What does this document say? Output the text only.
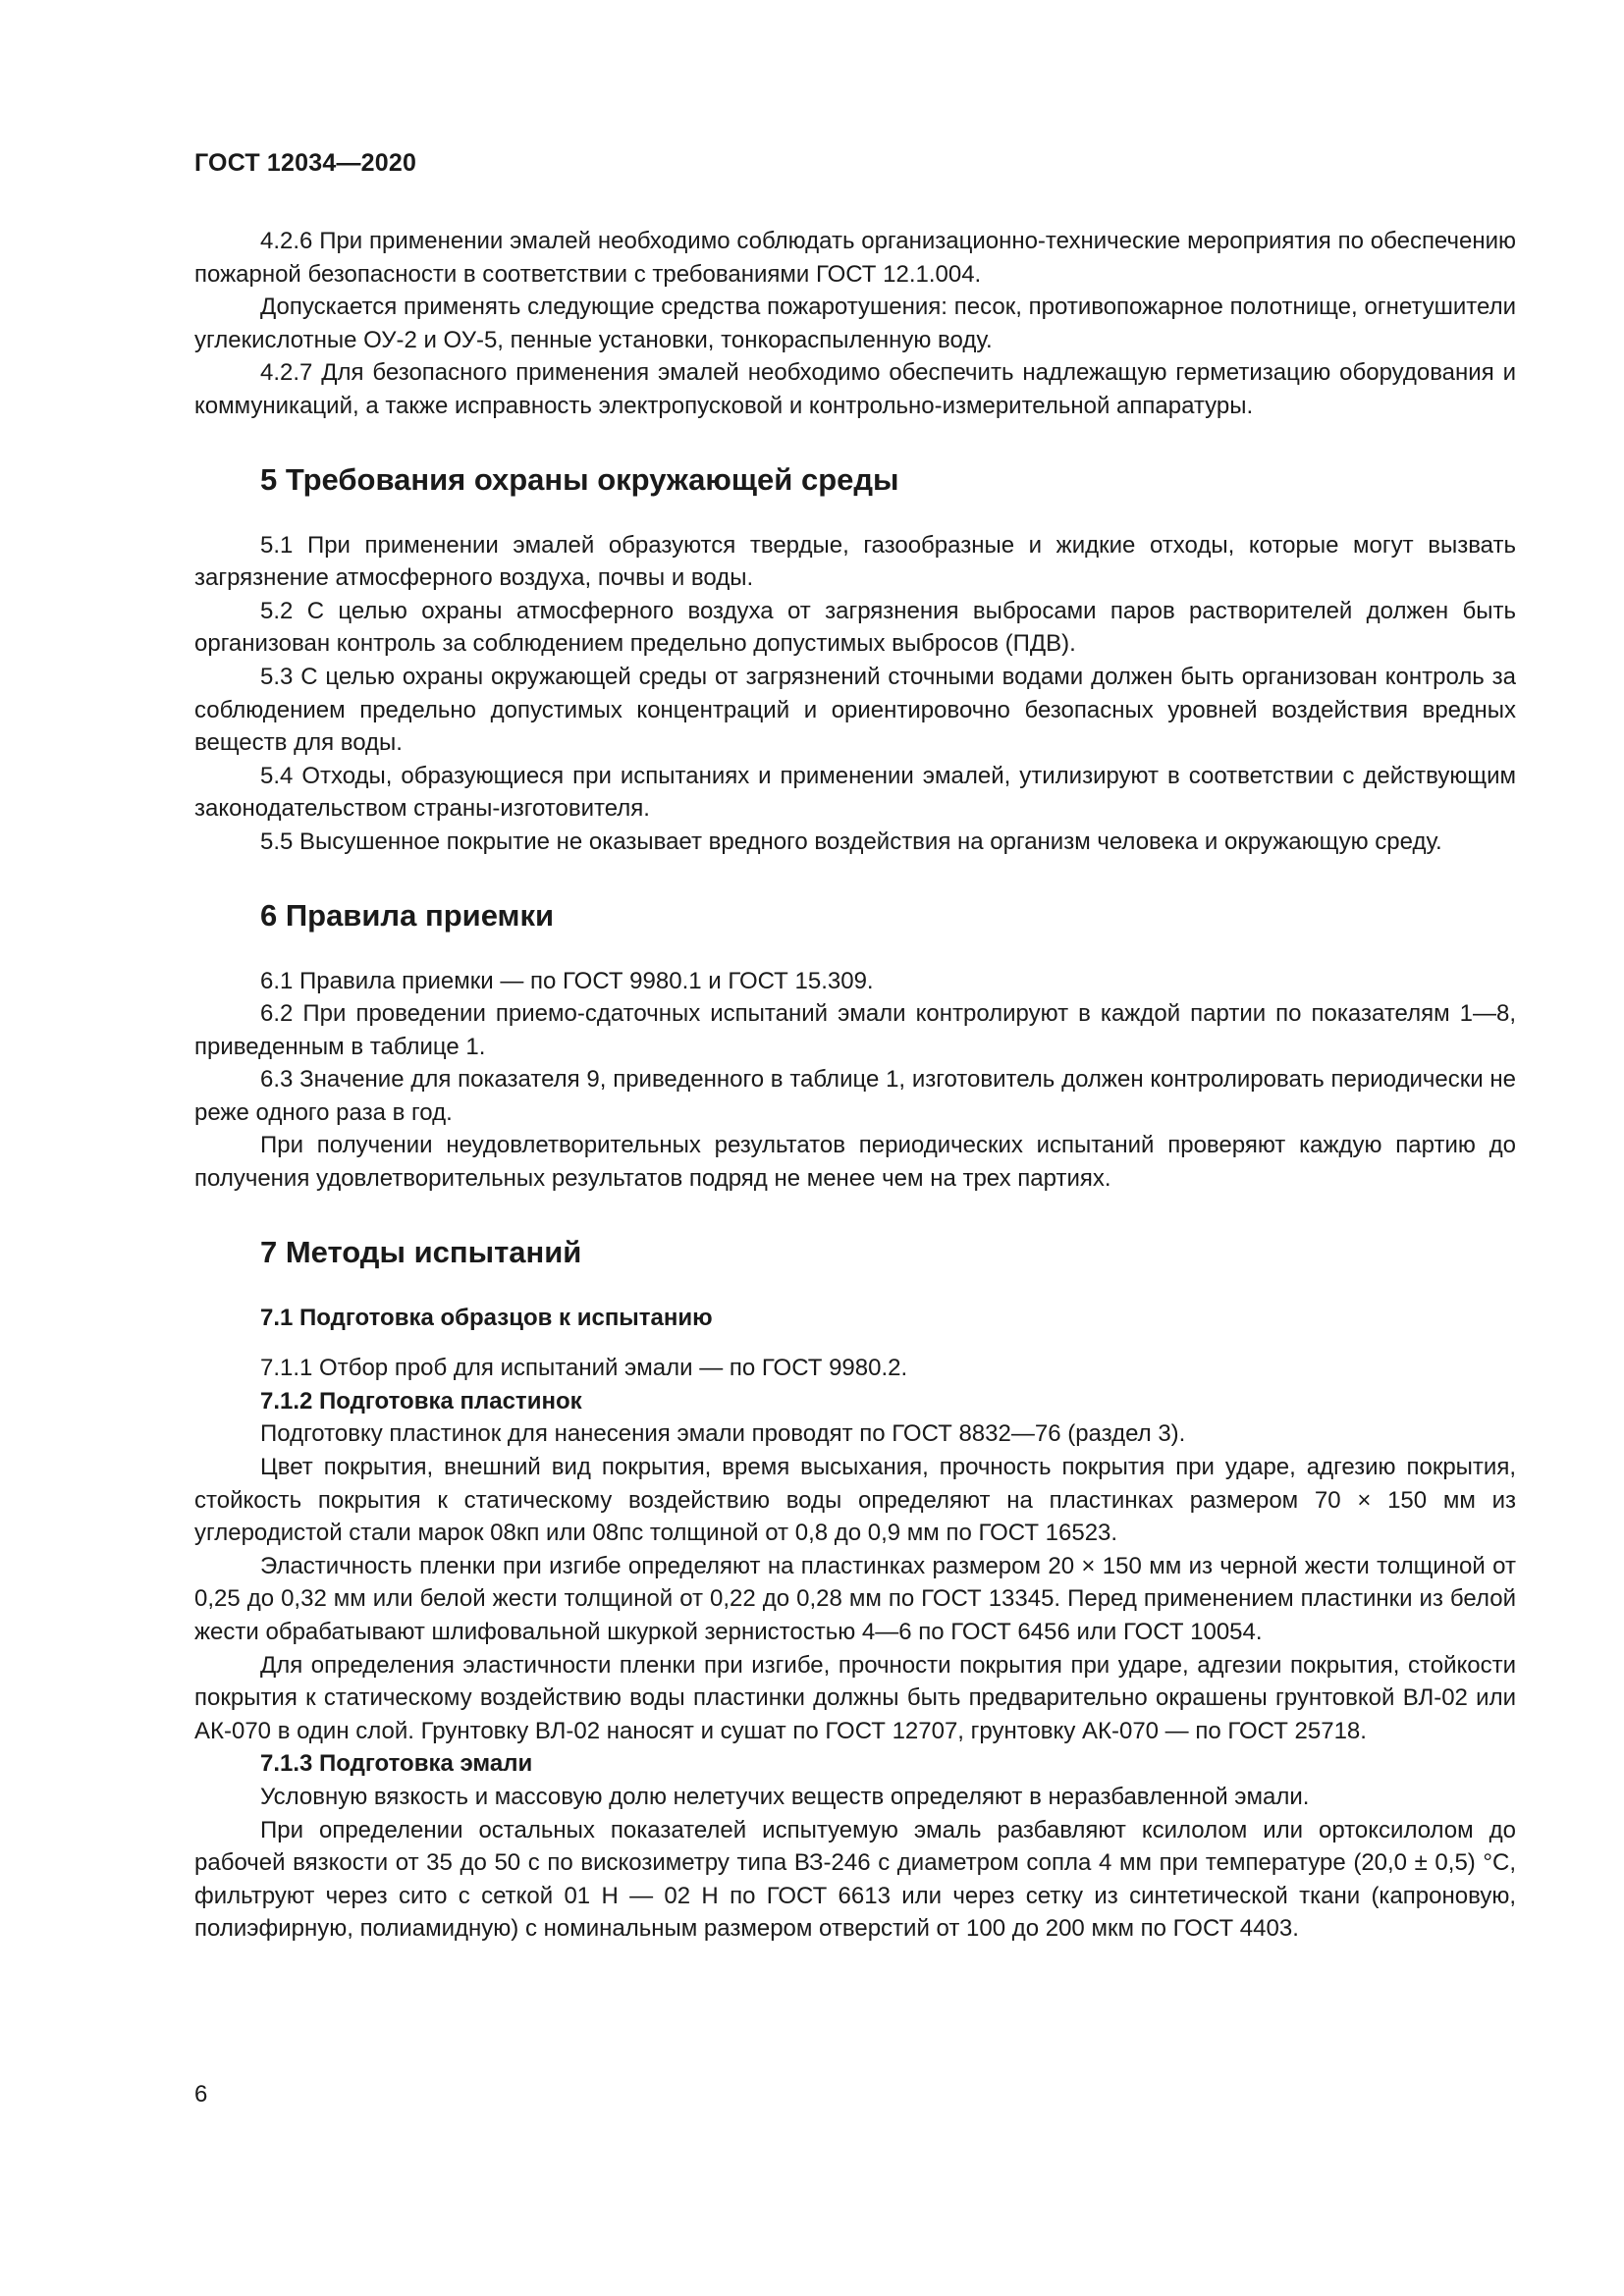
ГОСТ 12034—2020

4.2.6 При применении эмалей необходимо соблюдать организационно-технические мероприятия по обеспечению пожарной безопасности в соответствии с требованиями ГОСТ 12.1.004.

Допускается применять следующие средства пожаротушения: песок, противопожарное полотнище, огнетушители углекислотные ОУ-2 и ОУ-5, пенные установки, тонкораспыленную воду.

4.2.7 Для безопасного применения эмалей необходимо обеспечить надлежащую герметизацию оборудования и коммуникаций, а также исправность электропусковой и контрольно-измерительной аппаратуры.

5 Требования охраны окружающей среды

5.1 При применении эмалей образуются твердые, газообразные и жидкие отходы, которые могут вызвать загрязнение атмосферного воздуха, почвы и воды.

5.2 С целью охраны атмосферного воздуха от загрязнения выбросами паров растворителей должен быть организован контроль за соблюдением предельно допустимых выбросов (ПДВ).

5.3 С целью охраны окружающей среды от загрязнений сточными водами должен быть организован контроль за соблюдением предельно допустимых концентраций и ориентировочно безопасных уровней воздействия вредных веществ для воды.

5.4 Отходы, образующиеся при испытаниях и применении эмалей, утилизируют в соответствии с действующим законодательством страны-изготовителя.

5.5 Высушенное покрытие не оказывает вредного воздействия на организм человека и окружающую среду.

6 Правила приемки

6.1 Правила приемки — по ГОСТ 9980.1 и ГОСТ 15.309.

6.2 При проведении приемо-сдаточных испытаний эмали контролируют в каждой партии по показателям 1—8, приведенным в таблице 1.

6.3 Значение для показателя 9, приведенного в таблице 1, изготовитель должен контролировать периодически не реже одного раза в год.

При получении неудовлетворительных результатов периодических испытаний проверяют каждую партию до получения удовлетворительных результатов подряд не менее чем на трех партиях.

7 Методы испытаний
7.1 Подготовка образцов к испытанию

7.1.1 Отбор проб для испытаний эмали — по ГОСТ 9980.2.

7.1.2 Подготовка пластинок

Подготовку пластинок для нанесения эмали проводят по ГОСТ 8832—76 (раздел 3).

Цвет покрытия, внешний вид покрытия, время высыхания, прочность покрытия при ударе, адгезию покрытия, стойкость покрытия к статическому воздействию воды определяют на пластинках размером 70 × 150 мм из углеродистой стали марок 08кп или 08пс толщиной от 0,8 до 0,9 мм по ГОСТ 16523.

Эластичность пленки при изгибе определяют на пластинках размером 20 × 150 мм из черной жести толщиной от 0,25 до 0,32 мм или белой жести толщиной от 0,22 до 0,28 мм по ГОСТ 13345. Перед применением пластинки из белой жести обрабатывают шлифовальной шкуркой зернистостью 4—6 по ГОСТ 6456 или ГОСТ 10054.

Для определения эластичности пленки при изгибе, прочности покрытия при ударе, адгезии покрытия, стойкости покрытия к статическому воздействию воды пластинки должны быть предварительно окрашены грунтовкой ВЛ-02 или АК-070 в один слой. Грунтовку ВЛ-02 наносят и сушат по ГОСТ 12707, грунтовку АК-070 — по ГОСТ 25718.

7.1.3 Подготовка эмали

Условную вязкость и массовую долю нелетучих веществ определяют в неразбавленной эмали.

При определении остальных показателей испытуемую эмаль разбавляют ксилолом или ортоксилолом до рабочей вязкости от 35 до 50 с по вискозиметру типа ВЗ-246 с диаметром сопла 4 мм при температуре (20,0 ± 0,5) °С, фильтруют через сито с сеткой 01 Н — 02 Н по ГОСТ 6613 или через сетку из синтетической ткани (капроновую, полиэфирную, полиамидную) с номинальным размером отверстий от 100 до 200 мкм по ГОСТ 4403.

6
